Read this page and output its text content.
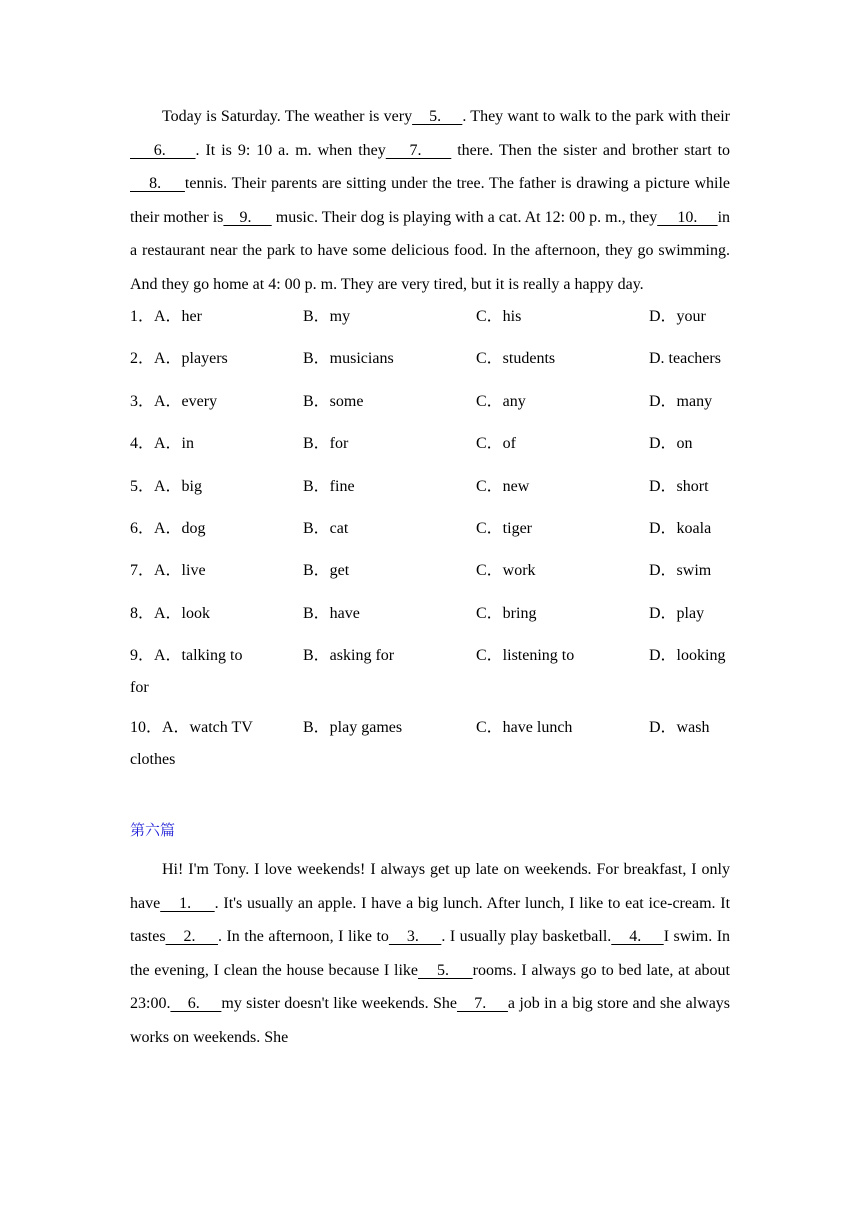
Today is Saturday. The weather is very    5.     . They want to walk to the park with their    6.     . It is 9: 10 a. m. when they    7.      there. Then the sister and brother start to    8.     tennis. Their parents are sitting under the tree. The father is drawing a picture while their mother is    9.      music. Their dog is playing with a cat. At 12: 00 p. m., they     10.     in a restaurant near the park to have some delicious food. In the afternoon, they go swimming. And they go home at 4: 00 p. m. They are very tired, but it is really a happy day.

1．A．her	B．my	C．his	D．your
2．A．players	B．musicians	C．students	D. teachers
3．A．every	B．some	C．any	D．many
4．A．in	B．for	C．of	D．on
5．A．big	B．fine	C．new	D．short
6．A．dog	B．cat	C．tiger	D．koala
7．A．live	B．get	C．work	D．swim
8．A．look	B．have	C．bring	D．play
9．A．talking to	B．asking for	C．listening to	D．looking
for
10．A．watch TV	B．play games	C．have lunch	D．wash
clothes
第六篇

Hi! I'm Tony. I love weekends! I always get up late on weekends. For breakfast, I only have    1.     . It's usually an apple. I have a big lunch. After lunch, I like to eat ice-cream. It tastes    2.     . In the afternoon, I like to    3.     . I usually play basketball.    4.     I swim. In the evening, I clean the house because I like    5.     rooms. I always go to bed late, at about 23:00.    6.     my sister doesn't like weekends. She    7.     a job in a big store and she always works on weekends. She
